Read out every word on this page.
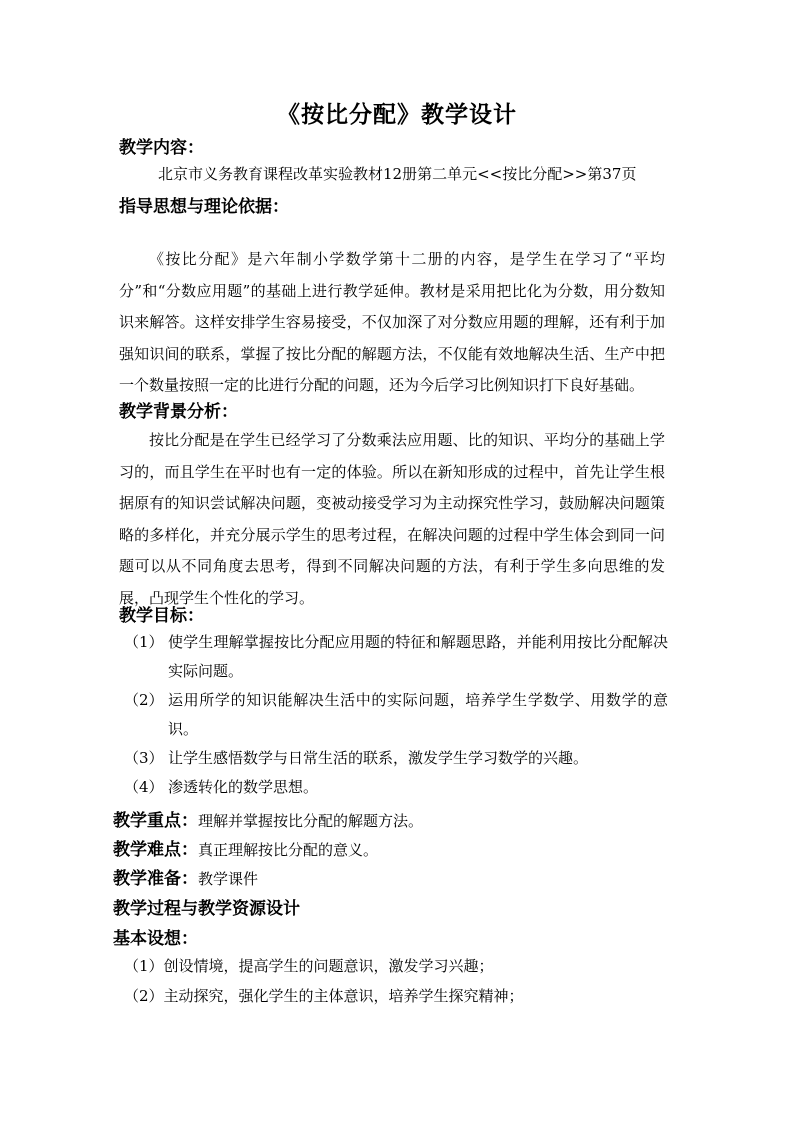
《按比分配》教学设计
教学内容：
北京市义务教育课程改革实验教材12册第二单元<<按比分配>>第37页
指导思想与理论依据：

《按比分配》是六年制小学数学第十二册的内容，是学生在学习了“平均分”和“分数应用题”的基础上进行教学延伸。教材是采用把比化为分数，用分数知识来解答。这样安排学生容易接受，不仅加深了对分数应用题的理解，还有利于加强知识间的联系，掌握了按比分配的解题方法，不仅能有效地解决生活、生产中把一个数量按照一定的比进行分配的问题，还为今后学习比例知识打下良好基础。

教学背景分析：

按比分配是在学生已经学习了分数乘法应用题、比的知识、平均分的基础上学习的，而且学生在平时也有一定的体验。所以在新知形成的过程中，首先让学生根据原有的知识尝试解决问题，变被动接受学习为主动探究性学习，鼓励解决问题策略的多样化，并充分展示学生的思考过程，在解决问题的过程中学生体会到同一问题可以从不同角度去思考，得到不同解决问题的方法，有利于学生多向思维的发展，凸现学生个性化的学习。

教学目标：
（1） 使学生理解掌握按比分配应用题的特征和解题思路，并能利用按比分配解决实际问题。
（2） 运用所学的知识能解决生活中的实际问题，培养学生学数学、用数学的意识。
（3） 让学生感悟数学与日常生活的联系，激发学生学习数学的兴趣。
（4） 渗透转化的数学思想。
教学重点：理解并掌握按比分配的解题方法。
教学难点：真正理解按比分配的意义。
教学准备：教学课件
教学过程与教学资源设计
基本设想：
（1）创设情境，提高学生的问题意识，激发学习兴趣；
（2）主动探究，强化学生的主体意识，培养学生探究精神；
